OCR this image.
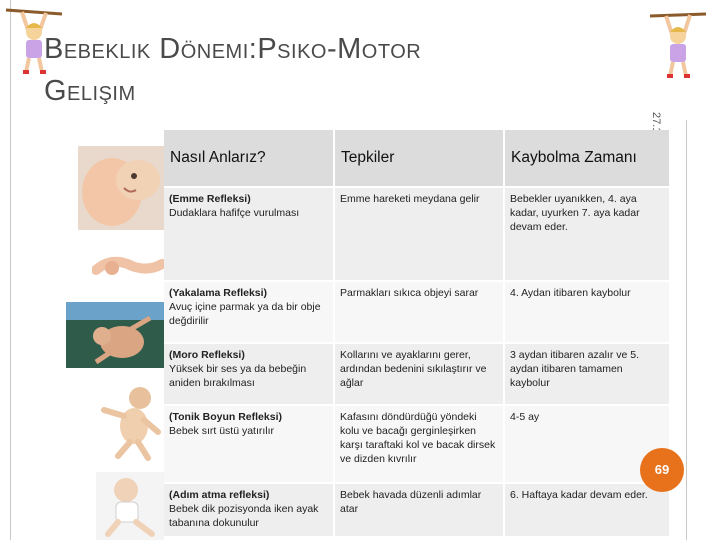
Bebeklik Dönemi:Psiko-Motor
Gelişim
Nasıl Anlarız?	Tepkiler	Kaybolma Zamanı

(Emme Refleksi)
Dudaklara hafifçe vurulması	Emme hareketi meydana gelir	Bebekler uyanıkken, 4. aya kadar, uyurken 7. aya kadar devam eder.

(Yakalama Refleksi)
Avuç içine parmak ya da bir obje değdirilir	Parmakları sıkıca objeyi sarar	4. Aydan itibaren kaybolur

(Moro Refleksi)
Yüksek bir ses ya da bebeğin aniden bırakılması	Kollarını ve ayaklarını gerer, ardından bedenini sıkılaştırır ve ağlar	3 aydan itibaren azalır ve 5. aydan itibaren tamamen kaybolur

(Tonik Boyun Refleksi)
Bebek sırt üstü yatırılır	Kafasını döndürdüğü yöndeki kolu ve bacağı gerginleşirken karşı taraftaki kol ve bacak dirsek ve dizden kıvrılır	4-5 ay

(Adım atma refleksi)
Bebek dik pozisyonda iken ayak tabanına dokunulur	Bebek havada düzenli adımlar atar	6. Haftaya kadar devam eder.
69
